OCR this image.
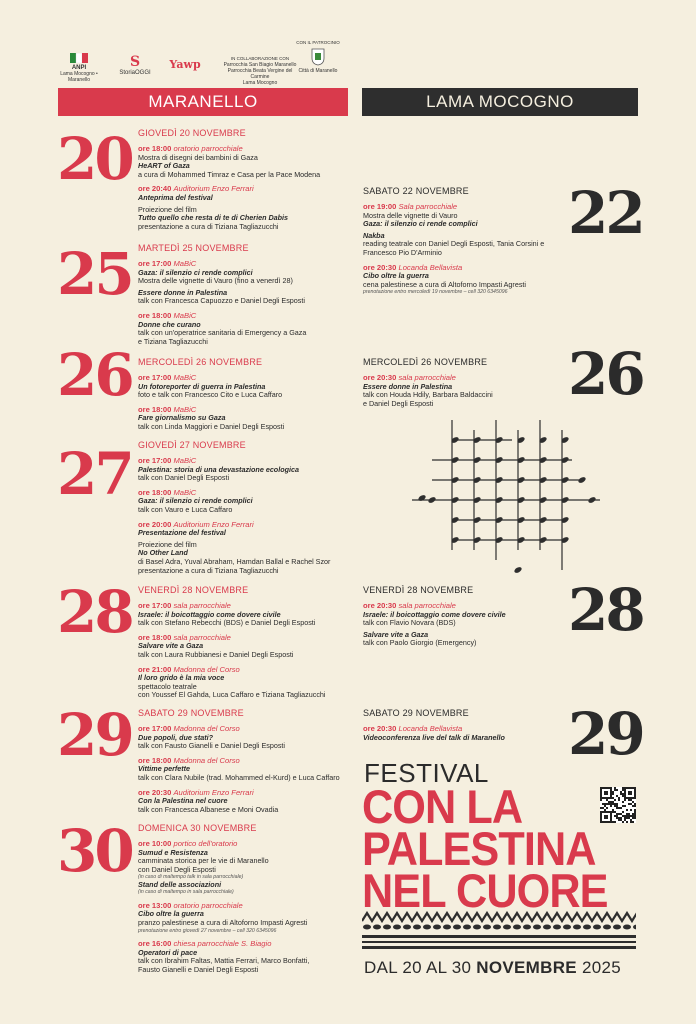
ANPI
Lama Mocogno • Maranello
S
StoriaOGGI
Yawp	IN COLLABORAZIONE CON
Parrocchia San Biagio Maranello
Parrocchia Beata Vergine del Carmine
Lama Mocogno
CON IL PATROCINIO

Città di Maranello
MARANELLO	LAMA MOCOGNO
20 GIOVEDÌ 20 NOVEMBRE
ore 18:00 oratorio parrocchiale
Mostra di disegni dei bambini di Gaza
HeART of Gaza
a cura di Mohammed Timraz e Casa per la Pace Modena
ore 20:40 Auditorium Enzo Ferrari
Anteprima del festival
Proiezione del film
Tutto quello che resta di te di Cherien Dabis
presentazione a cura di Tiziana Tagliazucchi
25 MARTEDÌ 25 NOVEMBRE
ore 17:00 MaBiC
Gaza: il silenzio ci rende complici
Mostra delle vignette di Vauro (fino a venerdì 28)
Essere donne in Palestina
talk con Francesca Capuozzo e Daniel Degli Esposti
ore 18:00 MaBiC
Donne che curano
talk con un'operatrice sanitaria di Emergency a Gaza
e Tiziana Tagliazucchi
26 MERCOLEDÌ 26 NOVEMBRE
ore 17:00 MaBiC
Un fotoreporter di guerra in Palestina
foto e talk con Francesco Cito e Luca Caffaro
ore 18:00 MaBiC
Fare giornalismo su Gaza
talk con Linda Maggiori e Daniel Degli Esposti
27 GIOVEDÌ 27 NOVEMBRE
ore 17:00 MaBiC
Palestina: storia di una devastazione ecologica
talk con Daniel Degli Esposti
ore 18:00 MaBiC
Gaza: il silenzio ci rende complici
talk con Vauro e Luca Caffaro
ore 20:00 Auditorium Enzo Ferrari
Presentazione del festival
Proiezione del film
No Other Land
di Basel Adra, Yuval Abraham, Hamdan Ballal e Rachel Szor
presentazione a cura di Tiziana Tagliazucchi
28 VENERDÌ 28 NOVEMBRE
ore 17:00 sala parrocchiale
Israele: il boicottaggio come dovere civile
talk con Stefano Rebecchi (BDS) e Daniel Degli Esposti
ore 18:00 sala parrocchiale
Salvare vite a Gaza
talk con Laura Rubbianesi e Daniel Degli Esposti
ore 21:00 Madonna del Corso
Il loro grido è la mia voce
spettacolo teatrale
con Youssef El Gahda, Luca Caffaro e Tiziana Tagliazucchi
29 SABATO 29 NOVEMBRE
ore 17:00 Madonna del Corso
Due popoli, due stati?
talk con Fausto Gianelli e Daniel Degli Esposti
ore 18:00 Madonna del Corso
Vittime perfette
talk con Clara Nubile (trad. Mohammed el-Kurd) e Luca Caffaro
ore 20:30 Auditorium Enzo Ferrari
Con la Palestina nel cuore
talk con Francesca Albanese e Moni Ovadia
30 DOMENICA 30 NOVEMBRE
ore 10:00 portico dell'oratorio
Sumud e Resistenza
camminata storica per le vie di Maranello
con Daniel Degli Esposti
(in caso di maltempo talk in sala parrocchiale)
Stand delle associazioni
(in caso di maltempo in sala parrocchiale)
ore 13:00 oratorio parrocchiale
Cibo oltre la guerra
pranzo palestinese a cura di Altoforno Impasti Agresti
prenotazione entro giovedì 27 novembre – cell 320 6345096
ore 16:00 chiesa parrocchiale S. Biagio
Operatori di pace
talk con Ibrahim Faltas, Mattia Ferrari, Marco Bonfatti,
Fausto Gianelli e Daniel Degli Esposti
22
SABATO 22 NOVEMBRE
ore 19:00 Sala parrocchiale
Mostra delle vignette di Vauro
Gaza: il silenzio ci rende complici
Nakba
reading teatrale con Daniel Degli Esposti, Tania Corsini e
Francesco Pio D'Arminio
ore 20:30 Locanda Bellavista
Cibo oltre la guerra
cena palestinese a cura di Altoforno Impasti Agresti
prenotazione entro mercoledì 19 novembre – cell 320 6345096
26
MERCOLEDÌ 26 NOVEMBRE
ore 20:30 sala parrocchiale
Essere donne in Palestina
talk con Houda Hdily, Barbara Baldaccini
e Daniel Degli Esposti
28
VENERDÌ 28 NOVEMBRE
ore 20:30 sala parrocchiale
Israele: il boicottaggio come dovere civile
talk con Flavio Novara (BDS)
Salvare vite a Gaza
talk con Paolo Giorgio (Emergency)
29
SABATO 29 NOVEMBRE
ore 20:30 Locanda Bellavista
Videoconferenza live del talk di Maranello
FESTIVAL
CON LA
PALESTINA
NEL CUORE
DAL 20 AL 30 NOVEMBRE 2025
